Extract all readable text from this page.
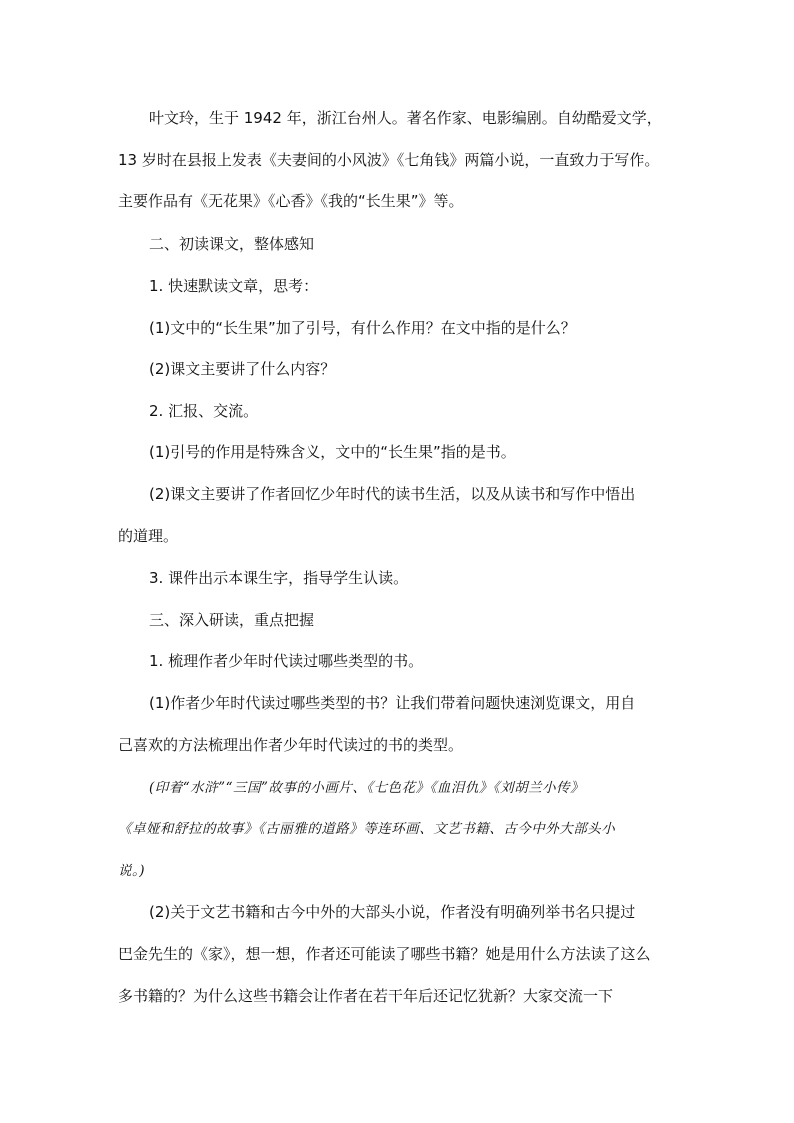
叶文玲，生于 1942 年，浙江台州人。著名作家、电影编剧。自幼酷爱文学，
13 岁时在县报上发表《夫妻间的小风波》《七角钱》两篇小说，一直致力于写作。
主要作品有《无花果》《心香》《我的“长生果”》等。
二、初读课文，整体感知
1. 快速默读文章，思考：
(1)文中的“长生果”加了引号，有什么作用？在文中指的是什么？
(2)课文主要讲了什么内容？
2. 汇报、交流。
(1)引号的作用是特殊含义，文中的“长生果”指的是书。
(2)课文主要讲了作者回忆少年时代的读书生活，以及从读书和写作中悟出
的道理。
3. 课件出示本课生字，指导学生认读。
三、深入研读，重点把握
1. 梳理作者少年时代读过哪些类型的书。
(1)作者少年时代读过哪些类型的书？让我们带着问题快速浏览课文，用自
己喜欢的方法梳理出作者少年时代读过的书的类型。
(印着“水浒”“三国”故事的小画片、《七色花》《血泪仇》《刘胡兰小传》
《卓娅和舒拉的故事》《古丽雅的道路》等连环画、文艺书籍、古今中外大部头小
说。)
(2)关于文艺书籍和古今中外的大部头小说，作者没有明确列举书名只提过
巴金先生的《家》，想一想，作者还可能读了哪些书籍？她是用什么方法读了这么
多书籍的？为什么这些书籍会让作者在若干年后还记忆犹新？大家交流一下
